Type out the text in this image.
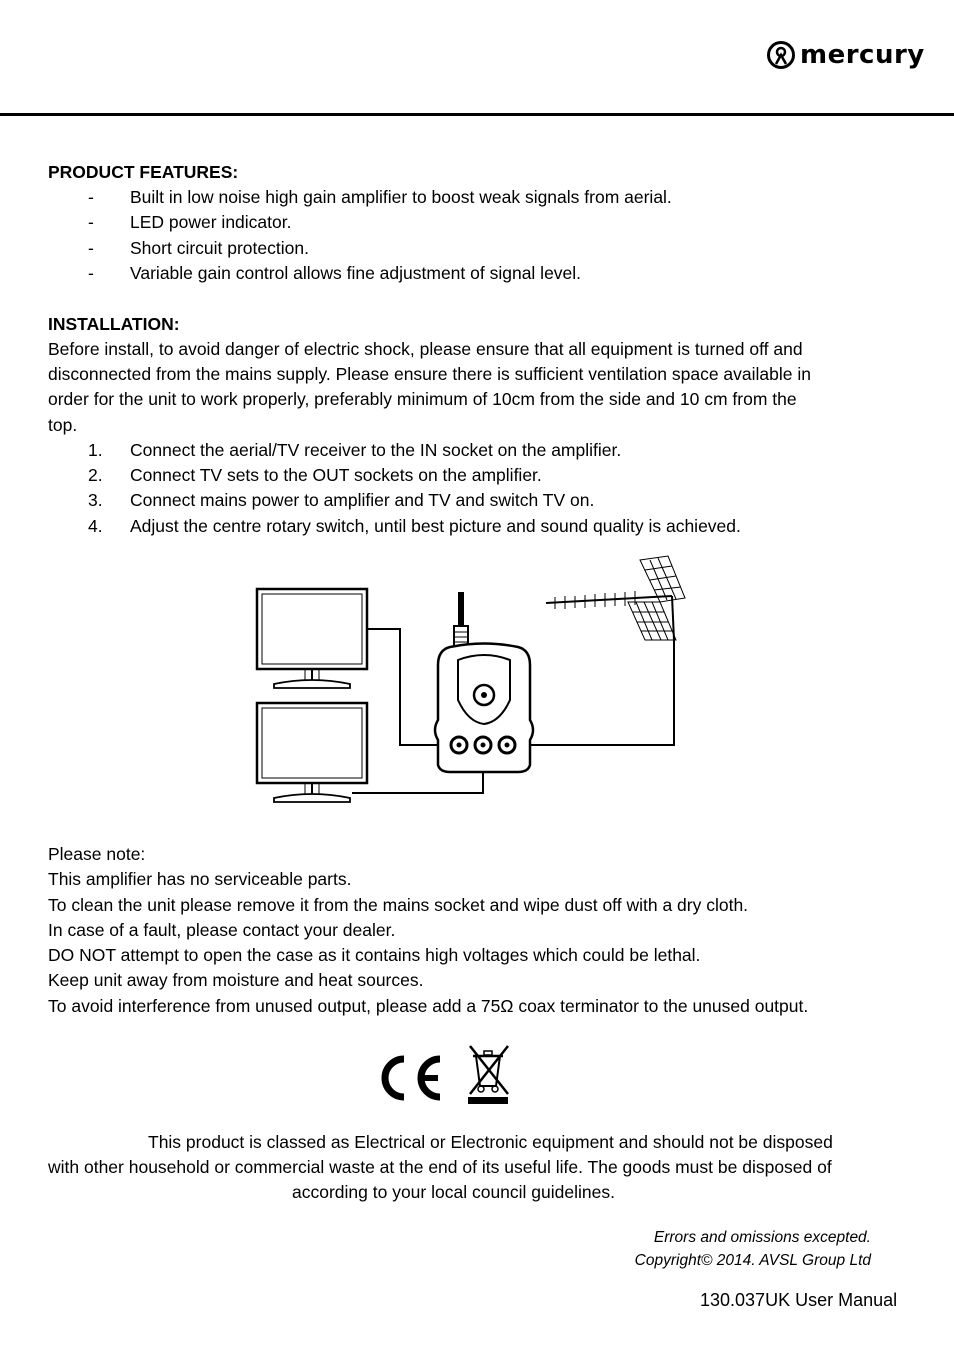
mercury
PRODUCT FEATURES:
- Built in low noise high gain amplifier to boost weak signals from aerial.
- LED power indicator.
- Short circuit protection.
- Variable gain control allows fine adjustment of signal level.
INSTALLATION:
Before install, to avoid danger of electric shock, please ensure that all equipment is turned off and
disconnected from the mains supply. Please ensure there is sufficient ventilation space available in
order for the unit to work properly, preferably minimum of 10cm from the side and 10 cm from the
top.
1. Connect the aerial/TV receiver to the IN socket on the amplifier.
2. Connect TV sets to the OUT sockets on the amplifier.
3. Connect mains power to amplifier and TV and switch TV on.
4. Adjust the centre rotary switch, until best picture and sound quality is achieved.
Please note:
This amplifier has no serviceable parts.
To clean the unit please remove it from the mains socket and wipe dust off with a dry cloth.
In case of a fault, please contact your dealer.
DO NOT attempt to open the case as it contains high voltages which could be lethal.
Keep unit away from moisture and heat sources.
To avoid interference from unused output, please add a 75Ω coax terminator to the unused output.
This product is classed as Electrical or Electronic equipment and should not be disposed
with other household or commercial waste at the end of its useful life. The goods must be disposed of
according to your local council guidelines.
Errors and omissions excepted.
Copyright© 2014. AVSL Group Ltd
130.037UK User Manual
